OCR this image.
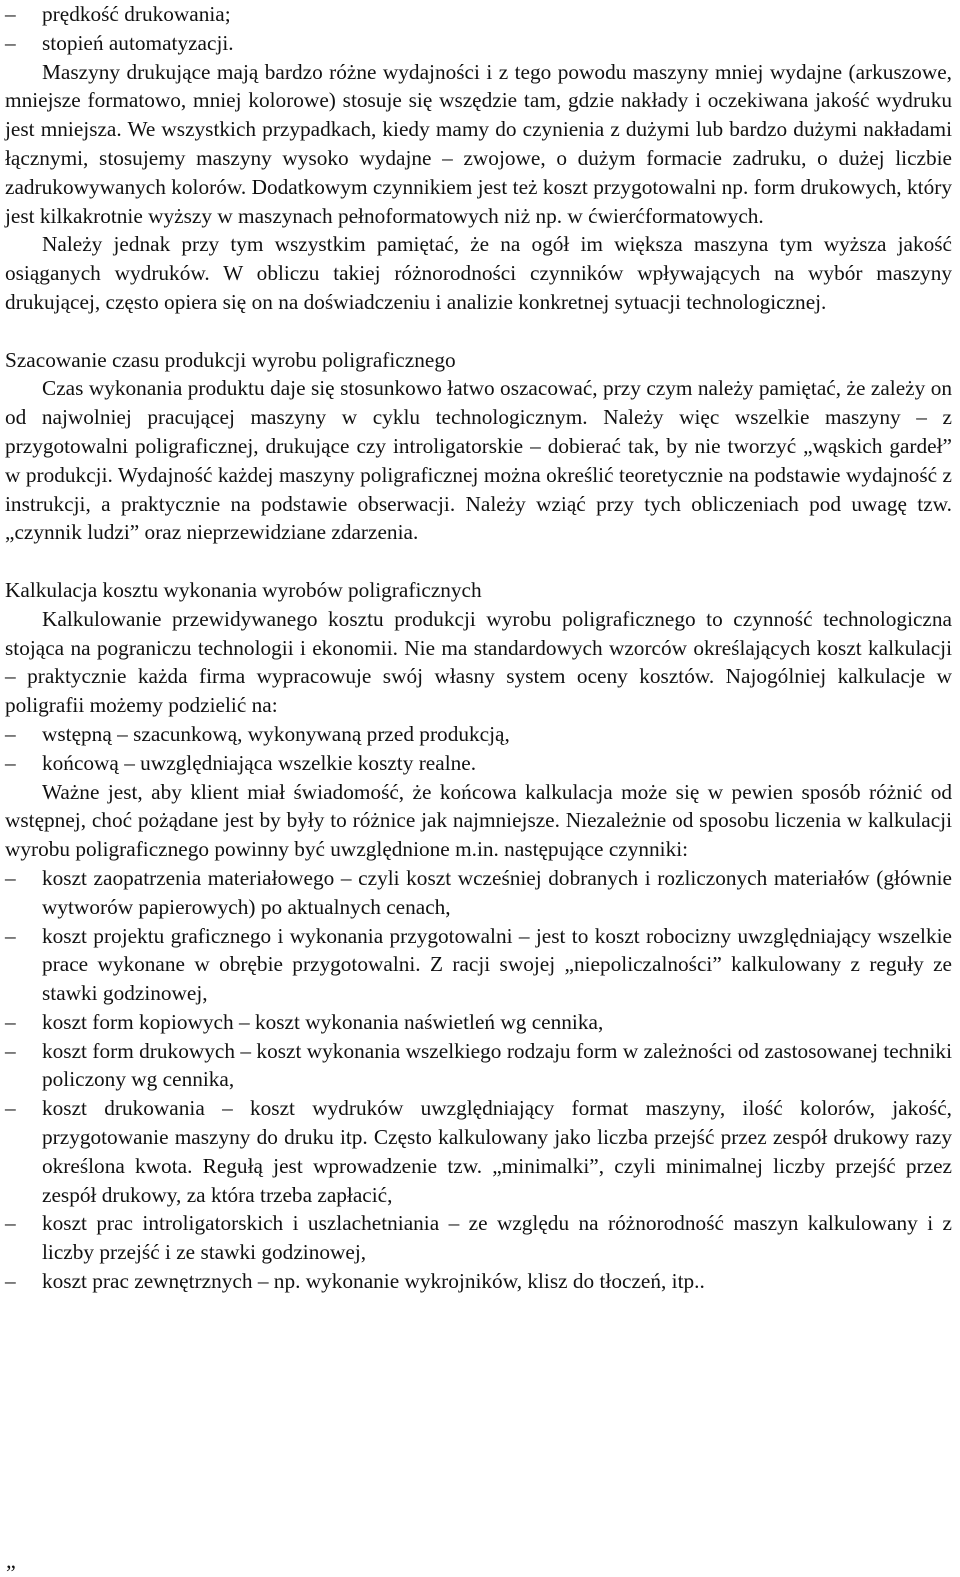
– prędkość drukowania;
– stopień automatyzacji.

Maszyny drukujące mają bardzo różne wydajności i z tego powodu maszyny mniej wydajne (arkuszowe, mniejsze formatowo, mniej kolorowe) stosuje się wszędzie tam, gdzie nakłady i oczekiwana jakość wydruku jest mniejsza. We wszystkich przypadkach, kiedy mamy do czynienia z dużymi lub bardzo dużymi nakładami łącznymi, stosujemy maszyny wysoko wydajne – zwojowe, o dużym formacie zadruku, o dużej liczbie zadrukowywanych kolorów. Dodatkowym czynnikiem jest też koszt przygotowalni np. form drukowych, który jest kilkakrotnie wyższy w maszynach pełnoformatowych niż np. w ćwierćformatowych.

Należy jednak przy tym wszystkim pamiętać, że na ogół im większa maszyna tym wyższa jakość osiąganych wydruków. W obliczu takiej różnorodności czynników wpływających na wybór maszyny drukującej, często opiera się on na doświadczeniu i analizie konkretnej sytuacji technologicznej.

Szacowanie czasu produkcji wyrobu poligraficznego

Czas wykonania produktu daje się stosunkowo łatwo oszacować, przy czym należy pamiętać, że zależy on od najwolniej pracującej maszyny w cyklu technologicznym. Należy więc wszelkie maszyny – z przygotowalni poligraficznej, drukujące czy introligatorskie – dobierać tak, by nie tworzyć „wąskich gardeł” w produkcji. Wydajność każdej maszyny poligraficznej można określić teoretycznie na podstawie wydajność z instrukcji, a praktycznie na podstawie obserwacji. Należy wziąć przy tych obliczeniach pod uwagę tzw. „czynnik ludzi” oraz nieprzewidziane zdarzenia.

Kalkulacja kosztu wykonania wyrobów poligraficznych

Kalkulowanie przewidywanego kosztu produkcji wyrobu poligraficznego to czynność technologiczna stojąca na pograniczu technologii i ekonomii. Nie ma standardowych wzorców określających koszt kalkulacji – praktycznie każda firma wypracowuje swój własny system oceny kosztów. Najogólniej kalkulacje w poligrafii możemy podzielić na:

– wstępną – szacunkową, wykonywaną przed produkcją,
– końcową – uwzględniająca wszelkie koszty realne.

Ważne jest, aby klient miał świadomość, że końcowa kalkulacja może się w pewien sposób różnić od wstępnej, choć pożądane jest by były to różnice jak najmniejsze. Niezależnie od sposobu liczenia w kalkulacji wyrobu poligraficznego powinny być uwzględnione m.in. następujące czynniki:

– koszt zaopatrzenia materiałowego – czyli koszt wcześniej dobranych i rozliczonych materiałów (głównie wytworów papierowych) po aktualnych cenach,
– koszt projektu graficznego i wykonania przygotowalni – jest to koszt robocizny uwzględniający wszelkie prace wykonane w obrębie przygotowalni. Z racji swojej „niepoliczalności” kalkulowany z reguły ze stawki godzinowej,
– koszt form kopiowych – koszt wykonania naświetleń wg cennika,
– koszt form drukowych – koszt wykonania wszelkiego rodzaju form w zależności od zastosowanej techniki policzony wg cennika,
– koszt drukowania – koszt wydruków uwzględniający format maszyny, ilość kolorów, jakość, przygotowanie maszyny do druku itp. Często kalkulowany jako liczba przejść przez zespół drukowy razy określona kwota. Regułą jest wprowadzenie tzw. „minimalki”, czyli minimalnej liczby przejść przez zespół drukowy, za która trzeba zapłacić,
– koszt prac introligatorskich i uszlachetniania – ze względu na różnorodność maszyn kalkulowany i z liczby przejść i ze stawki godzinowej,
– koszt prac zewnętrznych – np. wykonanie wykrojników, klisz do tłoczeń, itp..
„
